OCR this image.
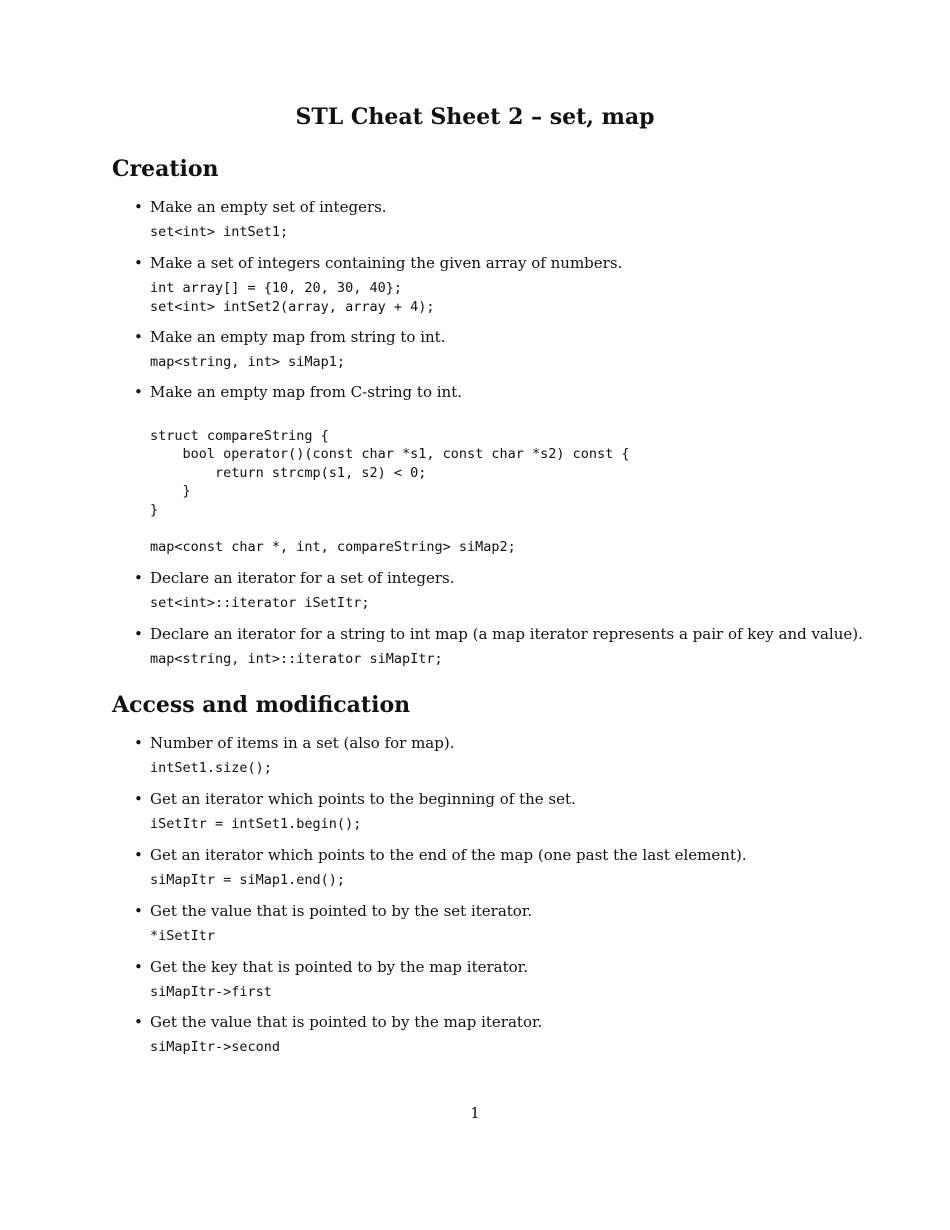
STL Cheat Sheet 2 – set, map
Creation
• Make an empty set of integers.
set<int> intSet1;
• Make a set of integers containing the given array of numbers.
int array[] = {10, 20, 30, 40};
set<int> intSet2(array, array + 4);
• Make an empty map from string to int.
map<string, int> siMap1;
• Make an empty map from C-string to int.

struct compareString {
bool operator()(const char *s1, const char *s2) const {
return strcmp(s1, s2) < 0;
}
}

map<const char *, int, compareString> siMap2;
• Declare an iterator for a set of integers.
set<int>::iterator iSetItr;
• Declare an iterator for a string to int map (a map iterator represents a pair of key and value).
map<string, int>::iterator siMapItr;
Access and modification
• Number of items in a set (also for map).
intSet1.size();
• Get an iterator which points to the beginning of the set.
iSetItr = intSet1.begin();
• Get an iterator which points to the end of the map (one past the last element).
siMapItr = siMap1.end();
• Get the value that is pointed to by the set iterator.
*iSetItr
• Get the key that is pointed to by the map iterator.
siMapItr->first
• Get the value that is pointed to by the map iterator.
siMapItr->second
1
